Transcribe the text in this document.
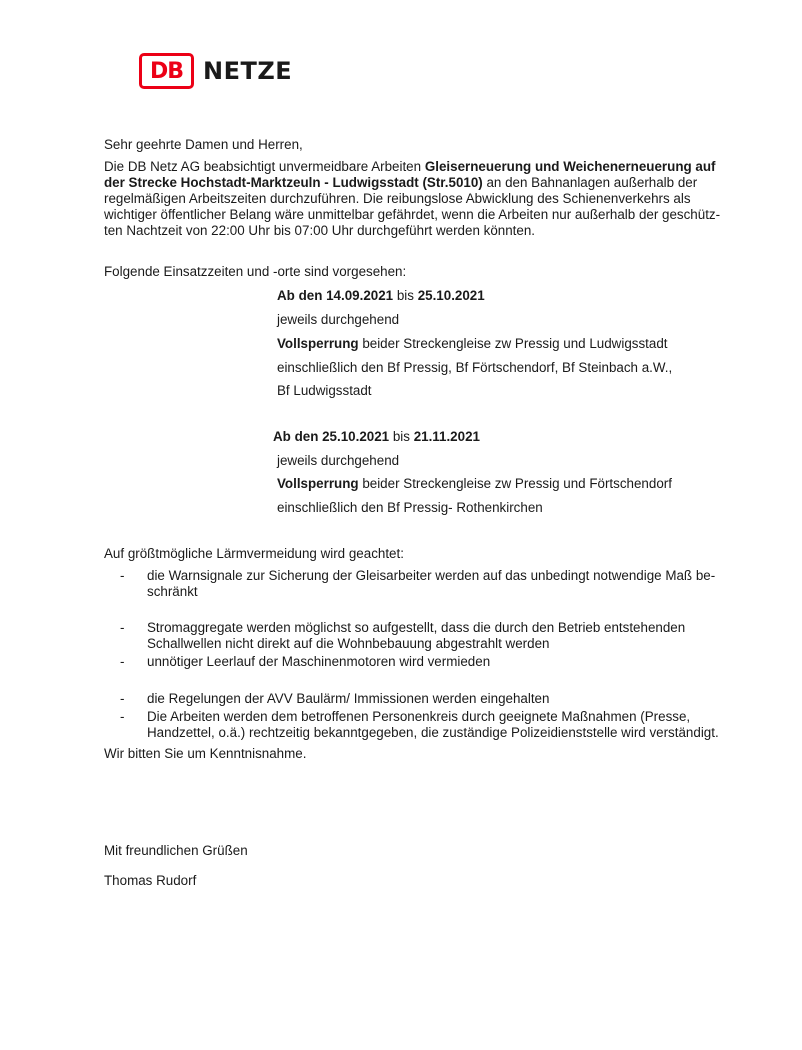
DB NETZE
Sehr geehrte Damen und Herren,
Die DB Netz AG beabsichtigt unvermeidbare Arbeiten Gleiserneuerung und Weichenerneuerung auf
der Strecke Hochstadt-Marktzeuln - Ludwigsstadt (Str.5010) an den Bahnanlagen außerhalb der
regelmäßigen Arbeitszeiten durchzuführen. Die reibungslose Abwicklung des Schienenverkehrs als
wichtiger öffentlicher Belang wäre unmittelbar gefährdet, wenn die Arbeiten nur außerhalb der geschütz-
ten Nachtzeit von 22:00 Uhr bis 07:00 Uhr durchgeführt werden könnten.
Folgende Einsatzzeiten und -orte sind vorgesehen:
Ab den 14.09.2021 bis 25.10.2021
jeweils durchgehend
Vollsperrung beider Streckengleise zw Pressig und Ludwigsstadt
einschließlich den Bf Pressig, Bf Förtschendorf, Bf Steinbach a.W.,
Bf Ludwigsstadt
Ab den 25.10.2021 bis 21.11.2021
jeweils durchgehend
Vollsperrung beider Streckengleise zw Pressig und Förtschendorf
einschließlich den Bf Pressig- Rothenkirchen
Auf größtmögliche Lärmvermeidung wird geachtet:
-	die Warnsignale zur Sicherung der Gleisarbeiter werden auf das unbedingt notwendige Maß be-
schränkt
-	Stromaggregate werden möglichst so aufgestellt, dass die durch den Betrieb entstehenden
Schallwellen nicht direkt auf die Wohnbebauung abgestrahlt werden
-	unnötiger Leerlauf der Maschinenmotoren wird vermieden
-	die Regelungen der AVV Baulärm/ Immissionen werden eingehalten
-	Die Arbeiten werden dem betroffenen Personenkreis durch geeignete Maßnahmen (Presse,
Handzettel, o.ä.) rechtzeitig bekanntgegeben, die zuständige Polizeidienststelle wird verständigt.
Wir bitten Sie um Kenntnisnahme.
Mit freundlichen Grüßen
Thomas Rudorf
